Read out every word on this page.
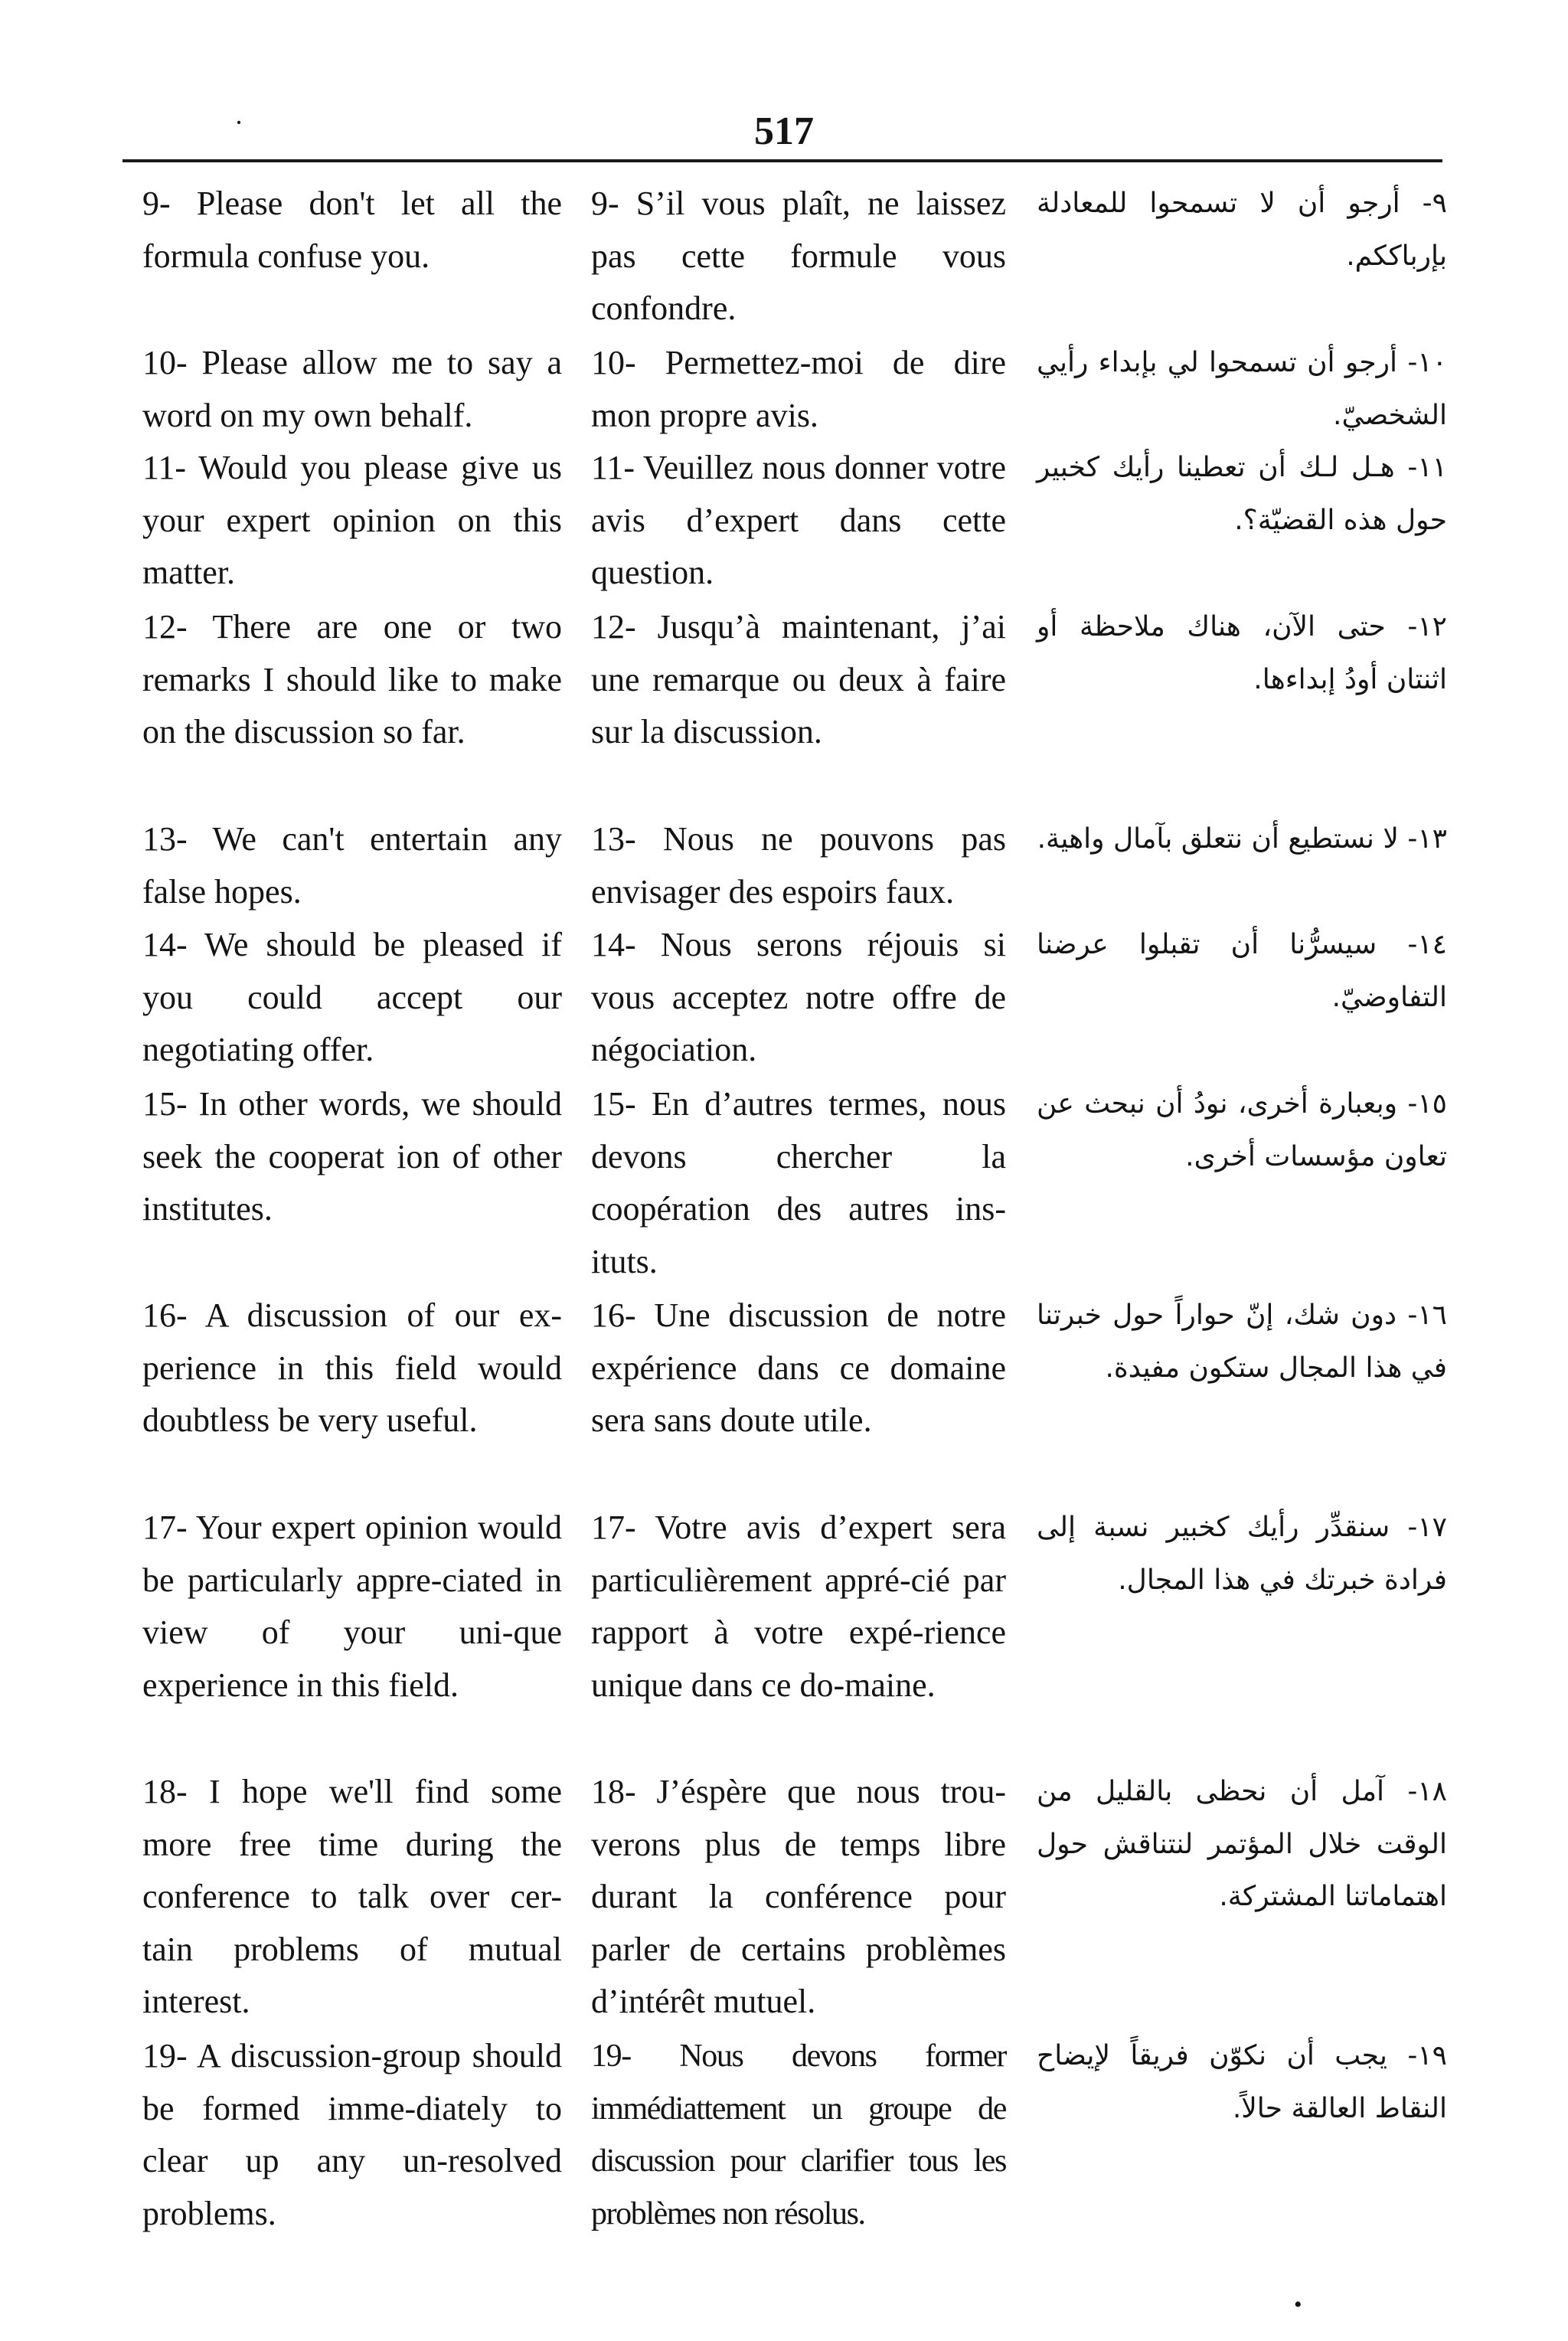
·	517
9- Please don't let all the formula confuse you.
9- S’il vous plaît, ne laissez pas cette formule vous confondre.
٩- أرجو أن لا تسمحوا للمعادلة بإرباككم.
10- Please allow me to say a word on my own behalf.
10- Permettez-moi de dire mon propre avis.
١٠- أرجو أن تسمحوا لي بإبداء رأيي الشخصيّ.
11- Would you please give us your expert opinion on this matter.
11- Veuillez nous donner votre avis d’expert dans cette question.
١١- هـل لـك أن تعطينا رأيك كخبير حول هذه القضيّة؟.
12- There are one or two remarks I should like to make on the discussion so far.
12- Jusqu’à maintenant, j’ai une remarque ou deux à faire sur la discussion.
١٢- حتى الآن، هناك ملاحظة أو اثنتان أودُ إبداءها.
13- We can't entertain any false hopes.
13- Nous ne pouvons pas envisager des espoirs faux.
١٣- لا نستطيع أن نتعلق بآمال واهية.
14- We should be pleased if you could accept our negotiating offer.
14- Nous serons réjouis si vous acceptez notre offre de négociation.
١٤- سيسرُّنا أن تقبلوا عرضنا التفاوضيّ.
15- In other words, we should seek the cooperat ion of other institutes.
15- En d’autres termes, nous devons chercher la coopération des autres ins-ituts.
١٥- وبعبارة أخرى، نودُ أن نبحث عن تعاون مؤسسات أخرى.
16- A discussion of our ex-perience in this field would doubtless be very useful.
16- Une discussion de notre expérience dans ce domaine sera sans doute utile.
١٦- دون شك، إنّ حواراً حول خبرتنا في هذا المجال ستكون مفيدة.
17- Your expert opinion would be particularly appre-ciated in view of your uni-que experience in this field.
17- Votre avis d’expert sera particulièrement appré-cié par rapport à votre expé-rience unique dans ce do-maine.
١٧- سنقدِّر رأيك كخبير نسبة إلى فرادة خبرتك في هذا المجال.
18- I hope we'll find some more free time during the conference to talk over cer-tain problems of mutual interest.
18- J’éspère que nous trou-verons plus de temps libre durant la conférence pour parler de certains problèmes d’intérêt mutuel.
١٨- آمل أن نحظى بالقليل من الوقت خلال المؤتمر لنتناقش حول اهتماماتنا المشتركة.
19- A discussion-group should be formed imme-diately to clear up any un-resolved problems.
19- Nous devons former immédiattement un groupe de discussion pour clarifier tous les problèmes non résolus.
١٩- يجب أن نكوّن فريقاً لإيضاح النقاط العالقة حالاً.
•
